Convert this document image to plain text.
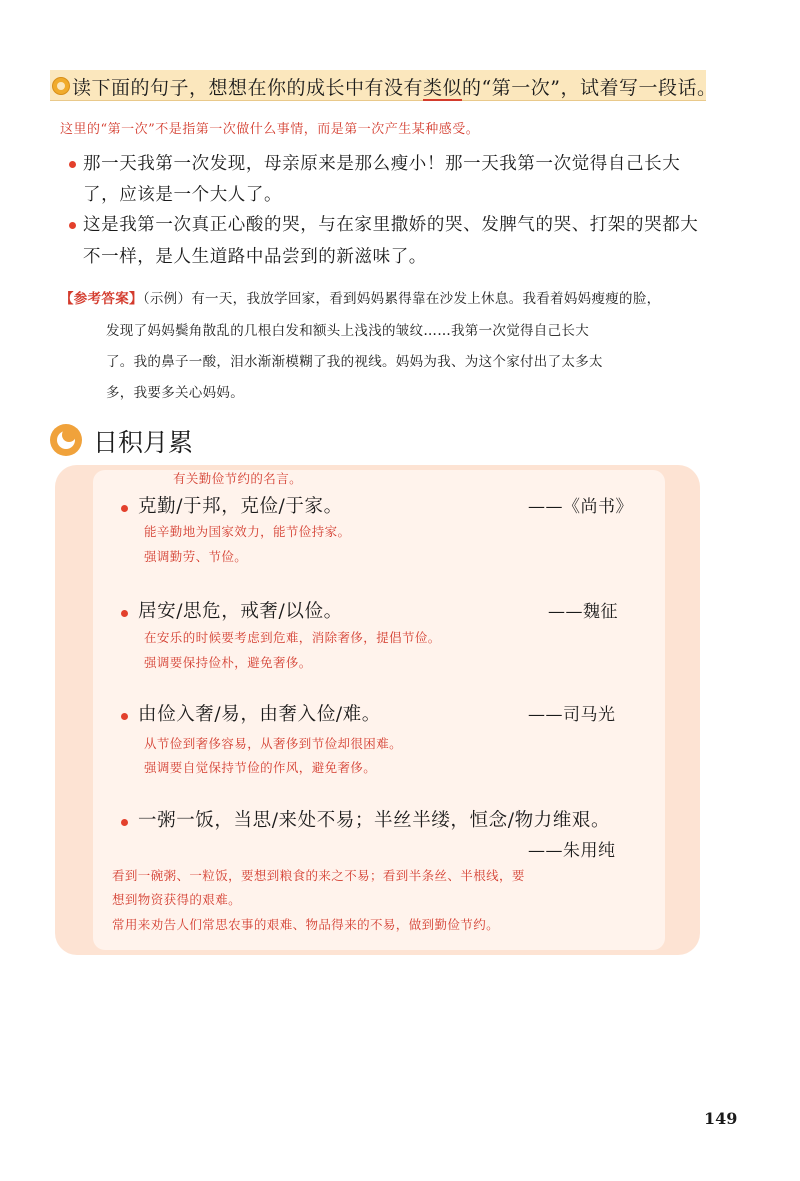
读下面的句子，想想在你的成长中有没有类似的“第一次”，试着写一段话。
这里的“第一次”不是指第一次做什么事情，而是第一次产生某种感受。
那一天我第一次发现，母亲原来是那么瘦小！那一天我第一次觉得自己长大
了，应该是一个大人了。
这是我第一次真正心酸的哭，与在家里撒娇的哭、发脾气的哭、打架的哭都大
不一样，是人生道路中品尝到的新滋味了。
【参考答案】（示例）有一天，我放学回家，看到妈妈累得靠在沙发上休息。我看着妈妈瘦瘦的脸，
发现了妈妈鬓角散乱的几根白发和额头上浅浅的皱纹……我第一次觉得自己长大
了。我的鼻子一酸，泪水渐渐模糊了我的视线。妈妈为我、为这个家付出了太多太
多，我要多关心妈妈。
日积月累
有关勤俭节约的名言。
克勤/于邦，克俭/于家。	——《尚书》
能辛勤地为国家效力，能节俭持家。
强调勤劳、节俭。
居安/思危，戒奢/以俭。	——魏征
在安乐的时候要考虑到危难，消除奢侈，提倡节俭。
强调要保持俭朴，避免奢侈。
由俭入奢/易，由奢入俭/难。	——司马光
从节俭到奢侈容易，从奢侈到节俭却很困难。
强调要自觉保持节俭的作风，避免奢侈。
一粥一饭，当思/来处不易；半丝半缕，恒念/物力维艰。
——朱用纯
看到一碗粥、一粒饭，要想到粮食的来之不易；看到半条丝、半根线，要
想到物资获得的艰难。
常用来劝告人们常思农事的艰难、物品得来的不易，做到勤俭节约。
149
